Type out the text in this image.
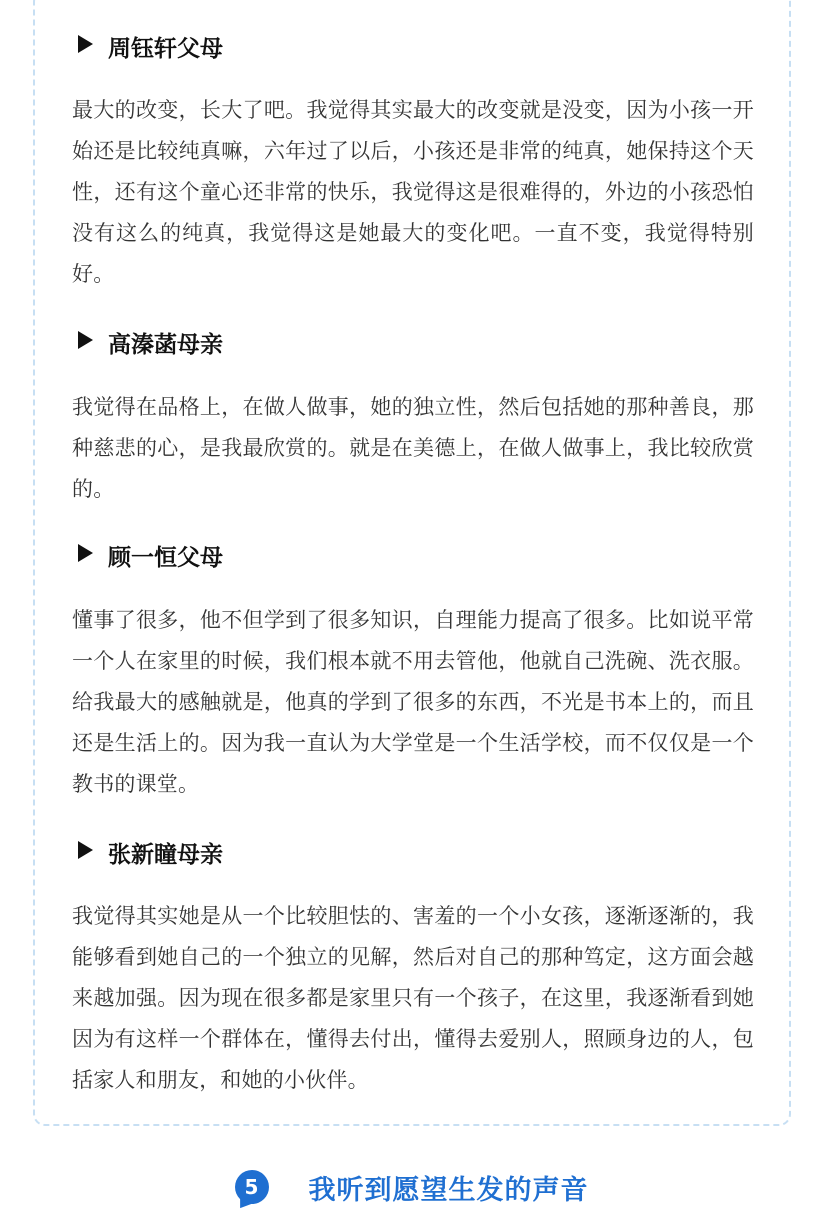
周钰轩父母

最大的改变，长大了吧。我觉得其实最大的改变就是没变，因为小孩一开始还是比较纯真嘛，六年过了以后，小孩还是非常的纯真，她保持这个天性，还有这个童心还非常的快乐，我觉得这是很难得的，外边的小孩恐怕没有这么的纯真，我觉得这是她最大的变化吧。一直不变，我觉得特别好。

高溱菡母亲

我觉得在品格上，在做人做事，她的独立性，然后包括她的那种善良，那种慈悲的心，是我最欣赏的。就是在美德上，在做人做事上，我比较欣赏的。

顾一恒父母

懂事了很多，他不但学到了很多知识，自理能力提高了很多。比如说平常一个人在家里的时候，我们根本就不用去管他，他就自己洗碗、洗衣服。给我最大的感触就是，他真的学到了很多的东西，不光是书本上的，而且还是生活上的。因为我一直认为大学堂是一个生活学校，而不仅仅是一个教书的课堂。

张新瞳母亲

我觉得其实她是从一个比较胆怯的、害羞的一个小女孩，逐渐逐渐的，我能够看到她自己的一个独立的见解，然后对自己的那种笃定，这方面会越来越加强。因为现在很多都是家里只有一个孩子，在这里，我逐渐看到她因为有这样一个群体在，懂得去付出，懂得去爱别人，照顾身边的人，包括家人和朋友，和她的小伙伴。

5	我听到愿望生发的声音
